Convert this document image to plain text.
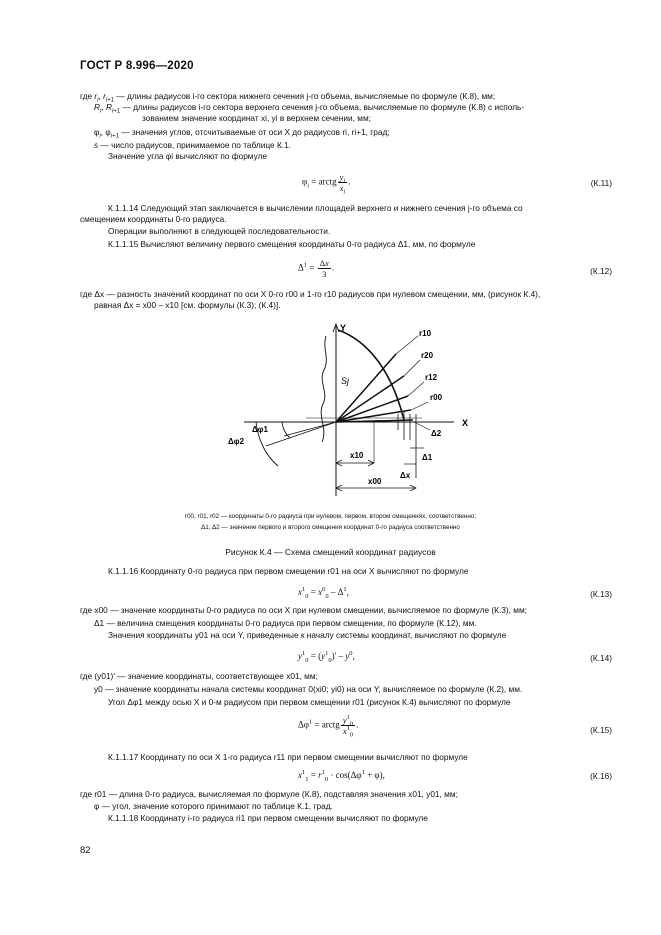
ГОСТ Р 8.996—2020
где $r_i$, $r_{i+1}$ — длины радиусов i-го сектора нижнего сечения j-го объема, вычисляемые по формуле (К.8), мм;
$R_i$, $R_{i+1}$ — длины радиусов i-го сектора верхнего сечения j-го объема, вычисляемые по формуле (К.8) с исполь-
зованием значение координат xi, yi в верхнем сечении, мм;
$\varphi_i$, $\varphi_{i+1}$ — значения углов, отсчитываемые от оси X до радиусов ri, ri+1, град;
s — число радиусов, принимаемое по таблице К.1.
Значение угла φi вычисляют по формуле
$\varphi_i$ = arctg $\frac{y_i}{x_i}$ .	(К.11)
К.1.1.14 Следующий этап заключается в вычислении площадей верхнего и нижнего сечения j-го объема со
смещением координаты 0-го радиуса.
Операции выполняют в следующей последовательности.
К.1.1.15 Вычисляют величину первого смещения координаты 0-го радиуса Δ1, мм, по формуле
$\Delta^1 = \frac{\Delta x}{3}$ .	(К.12)
где Δx — разность значений координат по оси X 0-го r00 и 1-го r10 радиусов при нулевом смещении, мм, (рисунок К.4),
равная Δx = x00 – x10 [см. формулы (К.3); (К.4)].
Y
X
Sj
r10
r20
r12
r00
Δ2
Δ1
Δx
x10
x00
Δφ2
Δφ1
r00, r01, r02 — координаты 0-го радиуса при нулевом, первом, втором смещениях, соответственно;
Δ1; Δ2 — значение первого и второго смещения координат 0-го радиуса соответственно
Рисунок К.4 — Схема смещений координат радиусов
К.1.1.16 Координату 0-го радиуса при первом смещении r01 на оси X вычисляют по формуле
$x^1_0 = x^0_0 - \Delta^1$,	(К.13)
где x00 — значение координаты 0-го радиуса по оси X при нулевом смещении, вычисляемое по формуле (К.3), мм;
Δ1 — величина смещения координаты 0-го радиуса при первом смещении, по формуле (К.12), мм.
Значения координаты y01 на оси Y, приведенные к началу системы координат, вычисляют по формуле
$y^1_0 = (y^1_0)' - y^0$,	(К.14)
где (y01)' — значение координаты, соответствующее x01, мм;
y0 — значение координаты начала системы координат 0(xi0; yi0) на оси Y, вычисляемое по формуле (К.2), мм.
Угол Δφ1 между осью X и 0-м радиусом при первом смещении r01 (рисунок К.4) вычисляют по формуле
$\Delta\varphi^1$ = arctg $\frac{y^1_0}{x^1_0}$ .
(К.15)
К.1.1.17 Координату по оси X 1-го радиуса r11 при первом смещении вычисляют по формуле
$x^1_1 = r^1_0 \cdot \cos(\Delta\varphi^1 + \varphi)$,	(К.16)
где r01 — длина 0-го радиуса, вычисляемая по формуле (К.8), подставляя значения x01, y01, мм;
φ — угол, значение которого принимают по таблице К.1, град.
К.1.1.18 Координату i-го радиуса ri1 при первом смещении вычисляют по формуле
82
